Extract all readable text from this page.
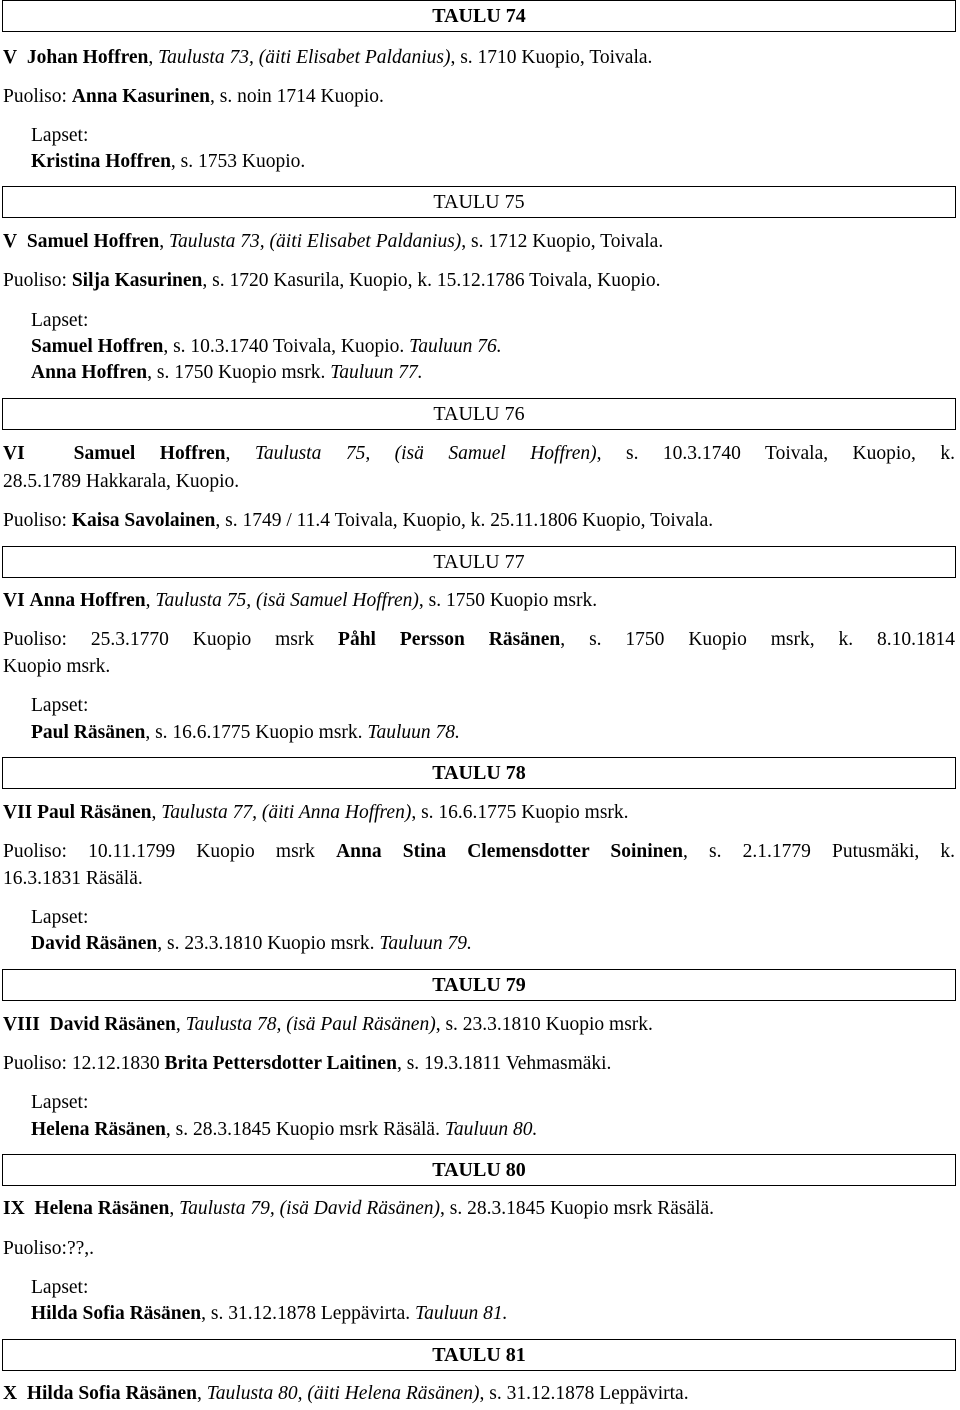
TAULU 74
V Johan Hoffren, Taulusta 73, (äiti Elisabet Paldanius), s. 1710 Kuopio, Toivala.
Puoliso: Anna Kasurinen, s. noin 1714 Kuopio.
Lapset:
Kristina Hoffren, s. 1753 Kuopio.
TAULU 75
V Samuel Hoffren, Taulusta 73, (äiti Elisabet Paldanius), s. 1712 Kuopio, Toivala.
Puoliso: Silja Kasurinen, s. 1720 Kasurila, Kuopio, k. 15.12.1786 Toivala, Kuopio.
Lapset:
Samuel Hoffren, s. 10.3.1740 Toivala, Kuopio. Tauluun 76.
Anna Hoffren, s. 1750 Kuopio msrk. Tauluun 77.
TAULU 76
VI	Samuel Hoffren, Taulusta 75, (isä Samuel Hoffren), s. 10.3.1740 Toivala, Kuopio, k.
28.5.1789 Hakkarala, Kuopio.
Puoliso: Kaisa Savolainen, s. 1749 / 11.4 Toivala, Kuopio, k. 25.11.1806 Kuopio, Toivala.
TAULU 77
VI Anna Hoffren, Taulusta 75, (isä Samuel Hoffren), s. 1750 Kuopio msrk.
Puoliso: 25.3.1770 Kuopio msrk Påhl Persson Räsänen, s. 1750 Kuopio msrk, k. 8.10.1814
Kuopio msrk.
Lapset:
Paul Räsänen, s. 16.6.1775 Kuopio msrk. Tauluun 78.
TAULU 78
VII Paul Räsänen, Taulusta 77, (äiti Anna Hoffren), s. 16.6.1775 Kuopio msrk.
Puoliso: 10.11.1799 Kuopio msrk Anna Stina Clemensdotter Soininen, s. 2.1.1779 Putusmäki, k.
16.3.1831 Räsälä.
Lapset:
David Räsänen, s. 23.3.1810 Kuopio msrk. Tauluun 79.
TAULU 79
VIII David Räsänen, Taulusta 78, (isä Paul Räsänen), s. 23.3.1810 Kuopio msrk.
Puoliso: 12.12.1830 Brita Pettersdotter Laitinen, s. 19.3.1811 Vehmasmäki.
Lapset:
Helena Räsänen, s. 28.3.1845 Kuopio msrk Räsälä. Tauluun 80.
TAULU 80
IX Helena Räsänen, Taulusta 79, (isä David Räsänen), s. 28.3.1845 Kuopio msrk Räsälä.
Puoliso:??,.
Lapset:
Hilda Sofia Räsänen, s. 31.12.1878 Leppävirta. Tauluun 81.
TAULU 81
X Hilda Sofia Räsänen, Taulusta 80, (äiti Helena Räsänen), s. 31.12.1878 Leppävirta.
